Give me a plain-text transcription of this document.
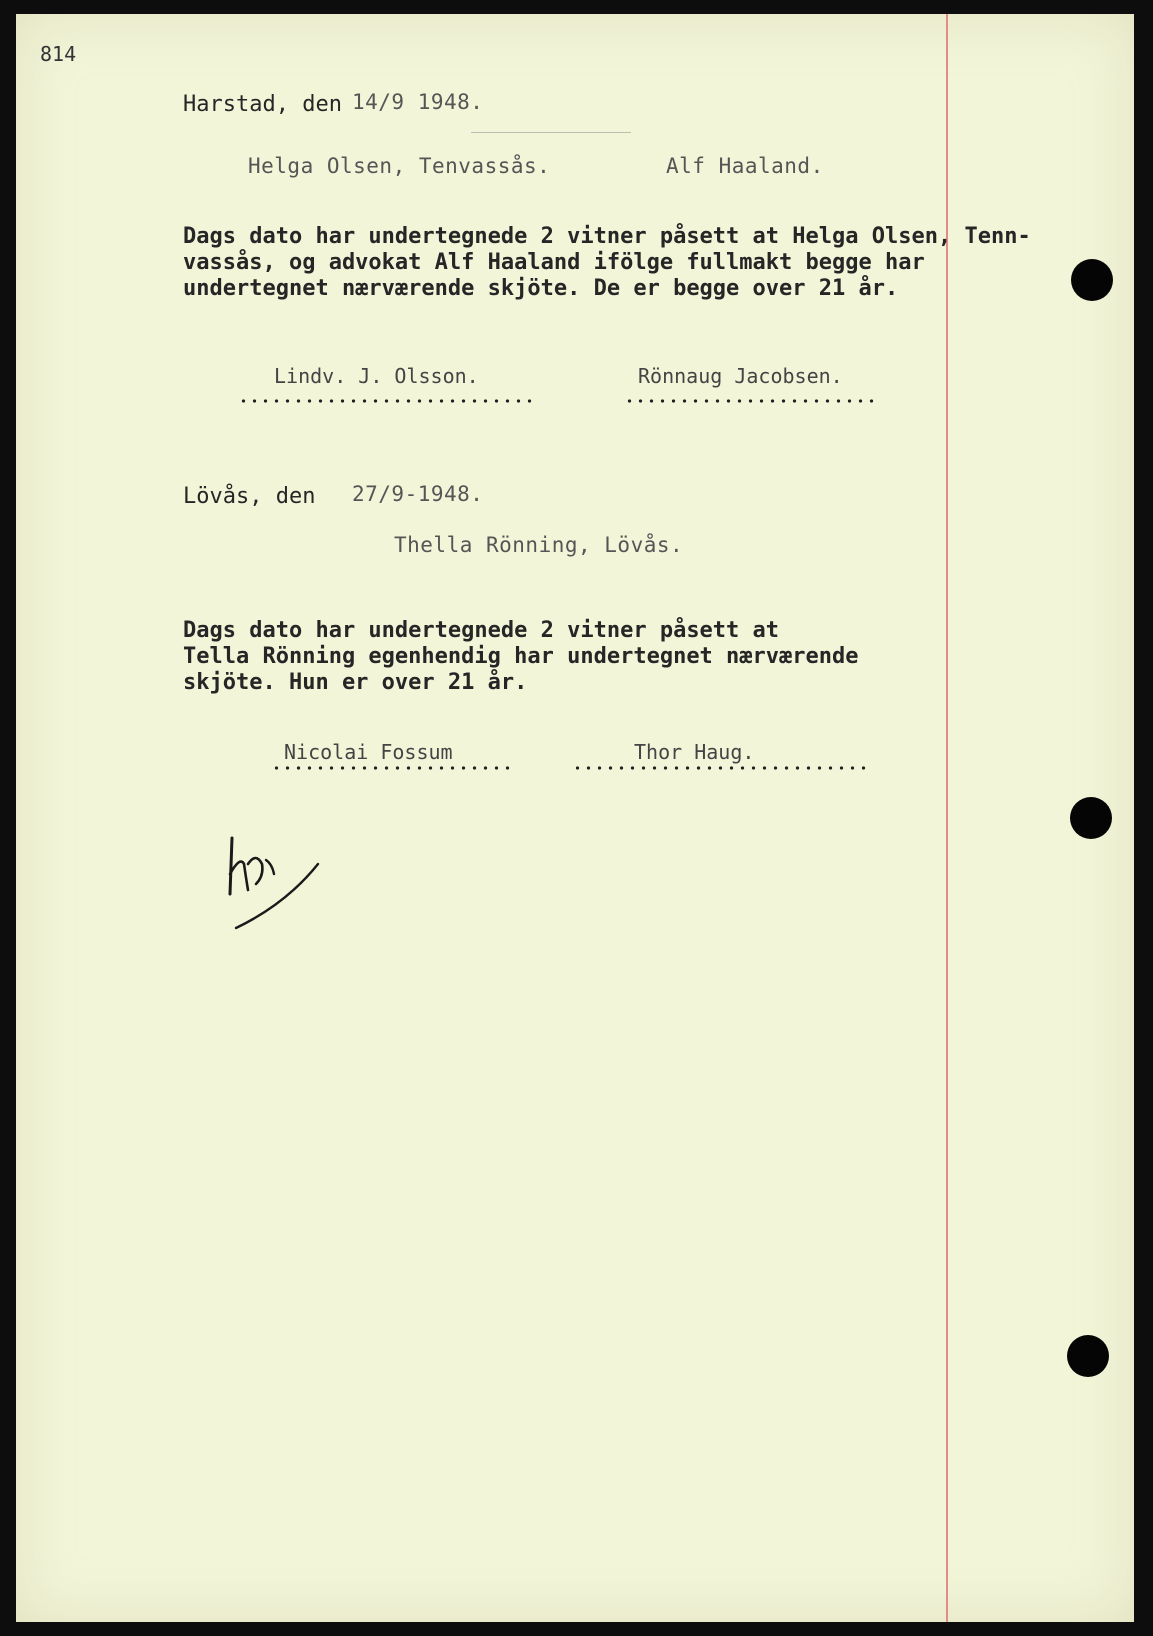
814
Harstad, den 14/9 1948.
Helga Olsen, Tenvassås.	Alf Haaland.
Dags dato har undertegnede 2 vitner påsett at Helga Olsen, Tenn-
vassås, og advokat Alf Haaland ifölge fullmakt begge har
undertegnet nærværende skjöte. De er begge over 21 år.
Lindv. J. Olsson.	Rönnaug Jacobsen.
Lövås, den 27/9-1948.
Thella Rönning, Lövås.
Dags dato har undertegnede 2 vitner påsett at
Tella Rönning egenhendig har undertegnet nærværende
skjöte. Hun er over 21 år.
Nicolai Fossum	Thor Haug.
